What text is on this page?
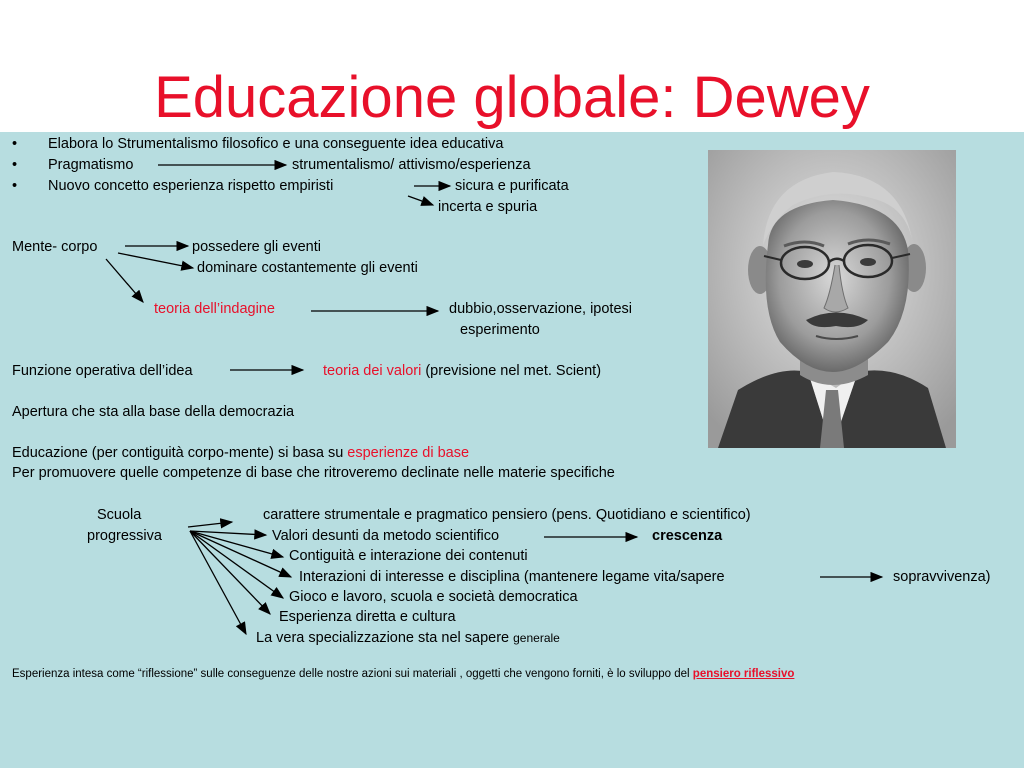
Educazione globale: Dewey
• Elabora lo Strumentalismo filosofico e una conseguente idea educativa
• Pragmatismo	strumentalismo/ attivismo/esperienza
• Nuovo concetto esperienza rispetto empiristi	sicura e purificata
incerta e spuria
Mente- corpo	possedere gli eventi
dominare costantemente gli eventi
teoria dell’indagine	dubbio,osservazione, ipotesi
esperimento
Funzione operativa dell’idea	teoria dei valori (previsione nel met. Scient)
Apertura che sta alla base della democrazia
Educazione (per contiguità corpo-mente) si basa su esperienze di base
Per promuovere quelle competenze di base che ritroveremo declinate nelle materie specifiche
Scuola
progressiva
carattere strumentale e pragmatico pensiero (pens. Quotidiano e scientifico)
Valori desunti da metodo scientifico	crescenza
Contiguità e interazione dei contenuti
Interazioni di interesse e disciplina (mantenere legame vita/sapere	sopravvivenza)
Gioco e lavoro, scuola e società democratica
Esperienza diretta e cultura
La vera specializzazione sta nel sapere generale
Esperienza intesa come “riflessione” sulle conseguenze delle nostre azioni sui materiali , oggetti che vengono forniti, è lo sviluppo del pensiero riflessivo
